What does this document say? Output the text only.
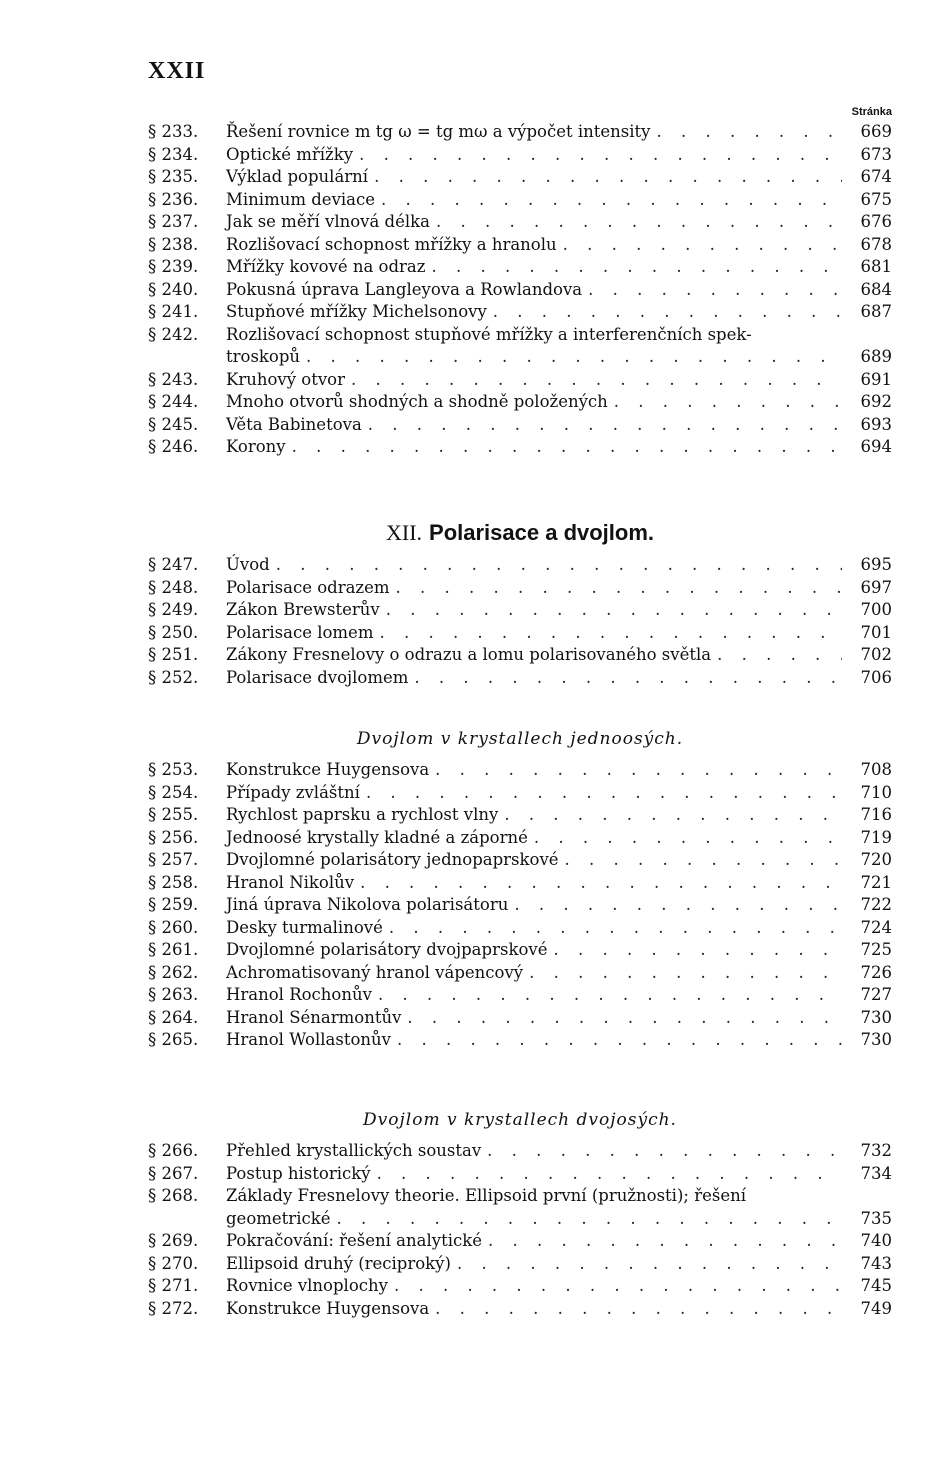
XXII
Stránka
§ 233.	Řešení rovnice m tg ω = tg mω a výpočet intensity . . .	669
§ 234.	Optické mřížky . . .	673
§ 235.	Výklad populární . . .	674
§ 236.	Minimum deviace . . .	675
§ 237.	Jak se měří vlnová délka . . .	676
§ 238.	Rozlišovací schopnost mřížky a hranolu . . .	678
§ 239.	Mřížky kovové na odraz . . .	681
§ 240.	Pokusná úprava Langleyova a Rowlandova . . .	684
§ 241.	Stupňové mřížky Michelsonovy . . .	687
§ 242.	Rozlišovací schopnost stupňové mřížky a interferenčních spek-
troskopů . . .	689
§ 243.	Kruhový otvor . . .	691
§ 244.	Mnoho otvorů shodných a shodně položených . . .	692
§ 245.	Věta Babinetova . . .	693
§ 246.	Korony . . .	694
XII. Polarisace a dvojlom.
§ 247.	Úvod . . .	695
§ 248.	Polarisace odrazem . . .	697
§ 249.	Zákon Brewsterův . . .	700
§ 250.	Polarisace lomem . . .	701
§ 251.	Zákony Fresnelovy o odrazu a lomu polarisovaného světla . . .	702
§ 252.	Polarisace dvojlomem . . .	706
Dvojlom v krystallech jednoosých.
§ 253.	Konstrukce Huygensova . . .	708
§ 254.	Případy zvláštní . . .	710
§ 255.	Rychlost paprsku a rychlost vlny . . .	716
§ 256.	Jednoosé krystally kladné a záporné . . .	719
§ 257.	Dvojlomné polarisátory jednopaprskové . . .	720
§ 258.	Hranol Nikolův . . .	721
§ 259.	Jiná úprava Nikolova polarisátoru . . .	722
§ 260.	Desky turmalinové . . .	724
§ 261.	Dvojlomné polarisátory dvojpaprskové . . .	725
§ 262.	Achromatisovaný hranol vápencový . . .	726
§ 263.	Hranol Rochonův . . .	727
§ 264.	Hranol Sénarmontův . . .	730
§ 265.	Hranol Wollastonův . . .	730
Dvojlom v krystallech dvojosých.
§ 266.	Přehled krystallických soustav . . .	732
§ 267.	Postup historický . . .	734
§ 268.	Základy Fresnelovy theorie. Ellipsoid první (pružnosti); řešení
geometrické . . .	735
§ 269.	Pokračování: řešení analytické . . .	740
§ 270.	Ellipsoid druhý (reciproký) . . .	743
§ 271.	Rovnice vlnoplochy . . .	745
§ 272.	Konstrukce Huygensova . . .	749
